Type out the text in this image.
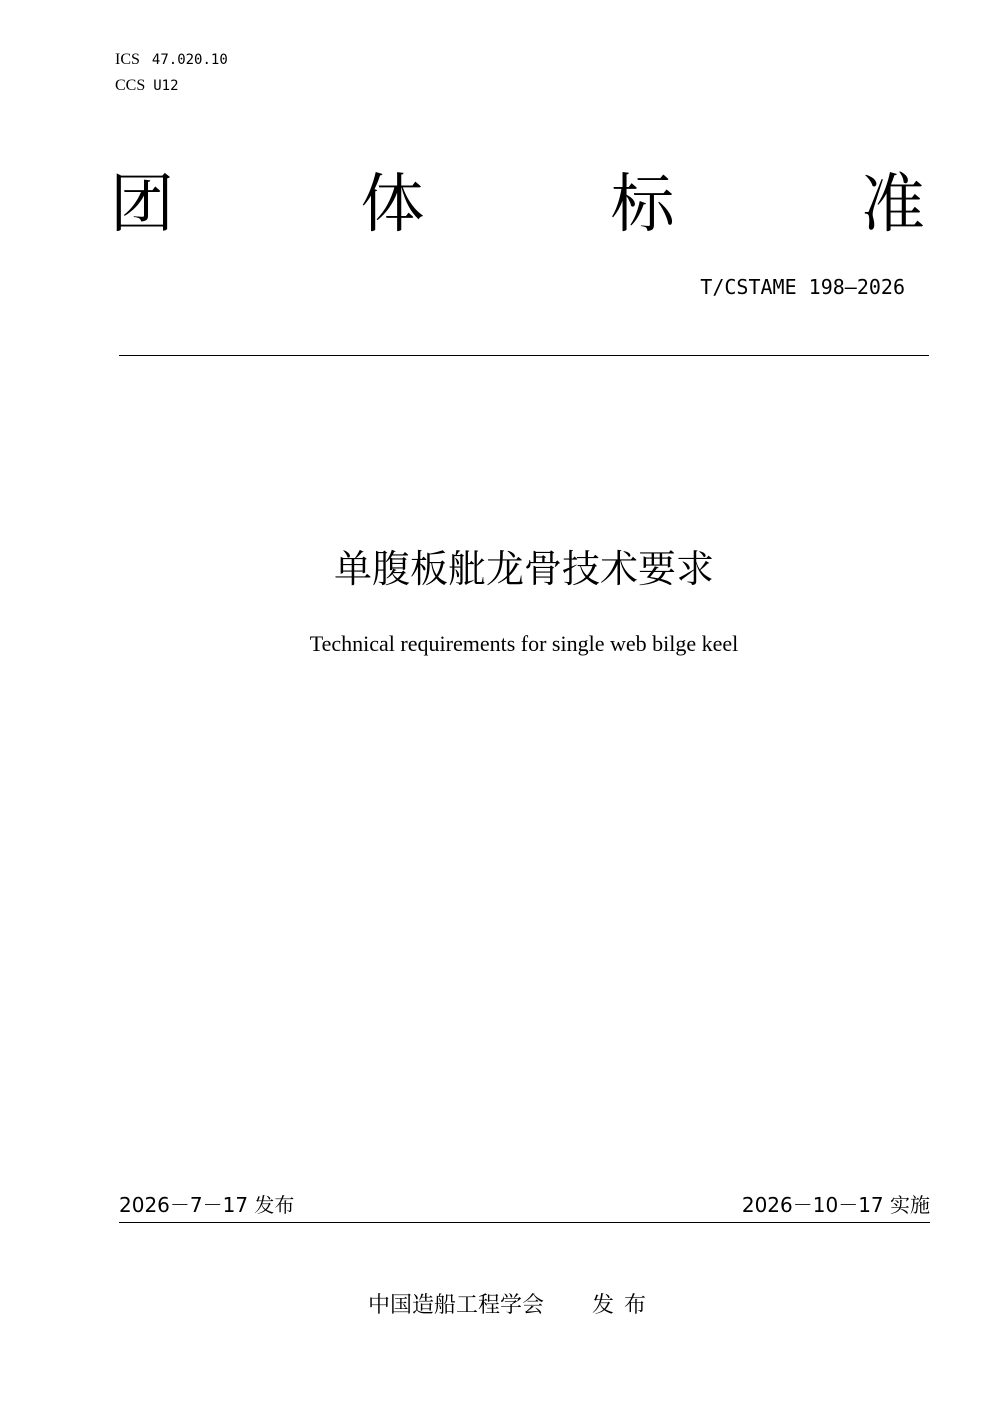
ICS 47.020.10
CCS U12
团	体	标	准
T/CSTAME 198—2026
单腹板舭龙骨技术要求
Technical requirements for single web bilge keel
2026－7－17 发布	2026－10－17 实施
中国造船工程学会 发布
